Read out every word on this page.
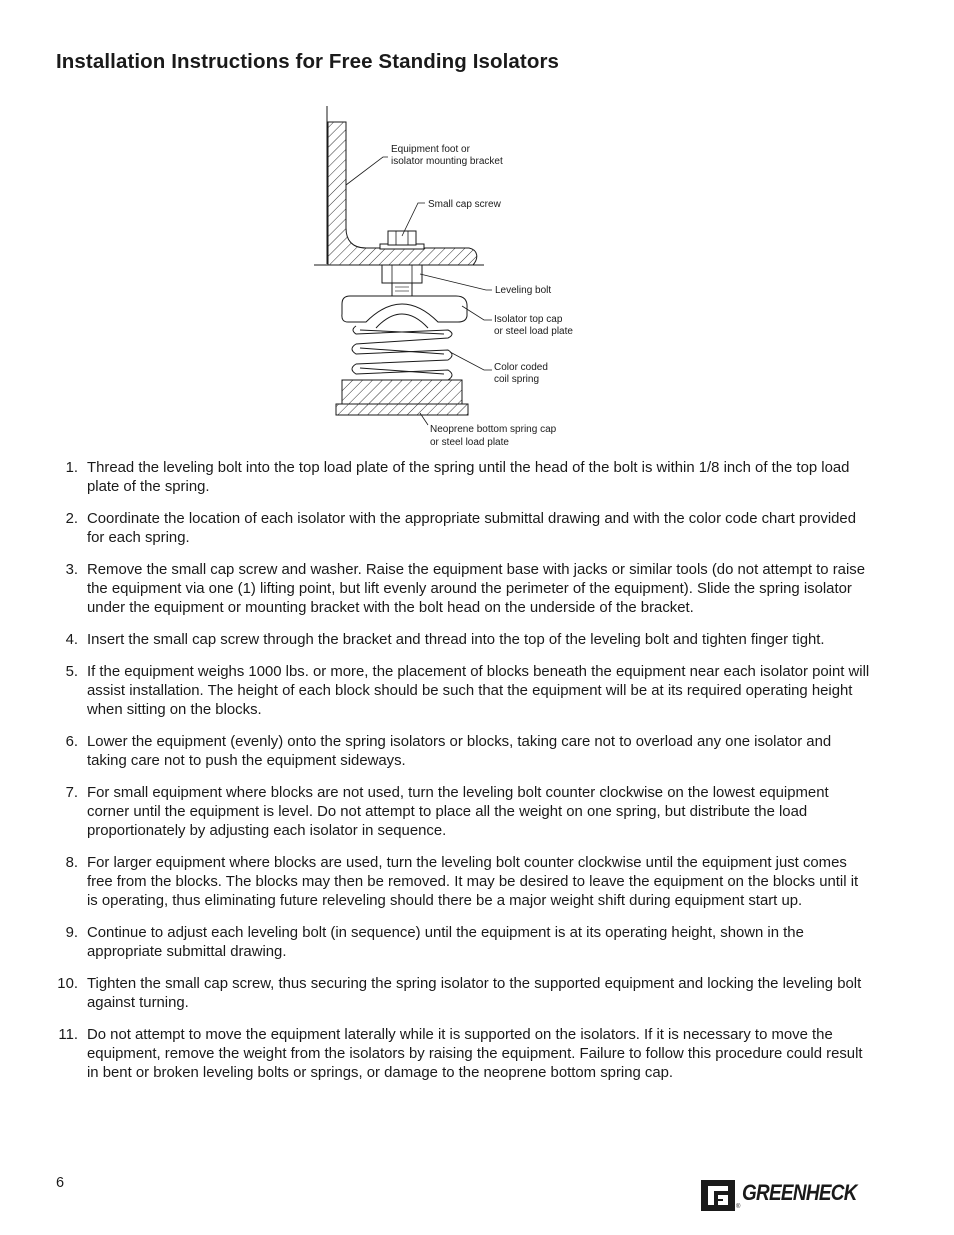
Installation Instructions for Free Standing Isolators
Equipment foot or
isolator mounting bracket
Small cap screw
Leveling bolt
Isolator top cap
or steel load plate
Color coded
coil spring
Neoprene bottom spring cap
or steel load plate
1. Thread the leveling bolt into the top load plate of the spring until the head of the bolt is within 1/8 inch of the top load plate of the spring.
2. Coordinate the location of each isolator with the appropriate submittal drawing and with the color code chart provided for each spring.
3. Remove the small cap screw and washer. Raise the equipment base with jacks or similar tools (do not attempt to raise the equipment via one (1) lifting point, but lift evenly around the perimeter of the equipment). Slide the spring isolator under the equipment or mounting bracket with the bolt head on the underside of the bracket.
4. Insert the small cap screw through the bracket and thread into the top of the leveling bolt and tighten finger tight.
5. If the equipment weighs 1000 lbs. or more, the placement of blocks beneath the equipment near each isolator point will assist installation. The height of each block should be such that the equipment will be at its required operating height when sitting on the blocks.
6. Lower the equipment (evenly) onto the spring isolators or blocks, taking care not to overload any one isolator and taking care not to push the equipment sideways.
7. For small equipment where blocks are not used, turn the leveling bolt counter clockwise on the lowest equipment corner until the equipment is level. Do not attempt to place all the weight on one spring, but distribute the load proportionately by adjusting each isolator in sequence.
8. For larger equipment where blocks are used, turn the leveling bolt counter clockwise until the equipment just comes free from the blocks. The blocks may then be removed. It may be desired to leave the equipment on the blocks until it is operating, thus eliminating future releveling should there be a major weight shift during equipment start up.
9. Continue to adjust each leveling bolt (in sequence) until the equipment is at its operating height, shown in the appropriate submittal drawing.
10. Tighten the small cap screw, thus securing the spring isolator to the supported equipment and locking the leveling bolt against turning.
11. Do not attempt to move the equipment laterally while it is supported on the isolators. If it is necessary to move the equipment, remove the weight from the isolators by raising the equipment. Failure to follow this procedure could result in bent or broken leveling bolts or springs, or damage to the neoprene bottom spring cap.
6	GREENHECK
®
